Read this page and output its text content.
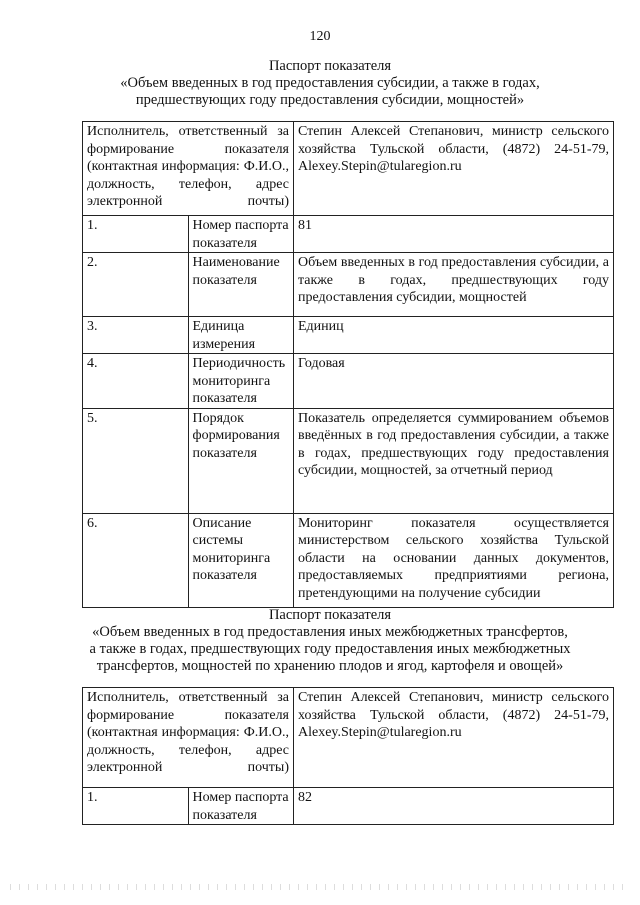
120
Паспорт показателя
«Объем введенных в год предоставления субсидии, а также в годах,
предшествующих году предоставления субсидии, мощностей»
Исполнитель, ответственный за формирование показателя (контактная информация: Ф.И.О., должность, телефон, адрес электронной почты)		Степин Алексей Степанович, министр сельского хозяйства Тульской области, (4872) 24-51-79, Alexey.Stepin@tularegion.ru
1.	Номер паспорта показателя	81
2.	Наименование показателя	Объем введенных в год предоставления субсидии, а также в годах, предшествующих году предоставления субсидии, мощностей
3.	Единица измерения	Единиц
4.	Периодичность мониторинга показателя	Годовая
5.	Порядок формирования показателя	Показатель определяется суммированием объемов введённых в год предоставления субсидии, а также в годах, предшествующих году предоставления субсидии, мощностей, за отчетный период
6.	Описание системы мониторинга показателя	Мониторинг показателя осуществляется министерством сельского хозяйства Тульской области на основании данных документов, предоставляемых предприятиями региона, претендующими на получение субсидии
Паспорт показателя
«Объем введенных в год предоставления иных межбюджетных трансфертов,
а также в годах, предшествующих году предоставления иных межбюджетных
трансфертов, мощностей по хранению плодов и ягод, картофеля и овощей»
Исполнитель, ответственный за формирование показателя (контактная информация: Ф.И.О., должность, телефон, адрес электронной почты)		Степин Алексей Степанович, министр сельского хозяйства Тульской области, (4872) 24-51-79, Alexey.Stepin@tularegion.ru
1.	Номер паспорта показателя	82
